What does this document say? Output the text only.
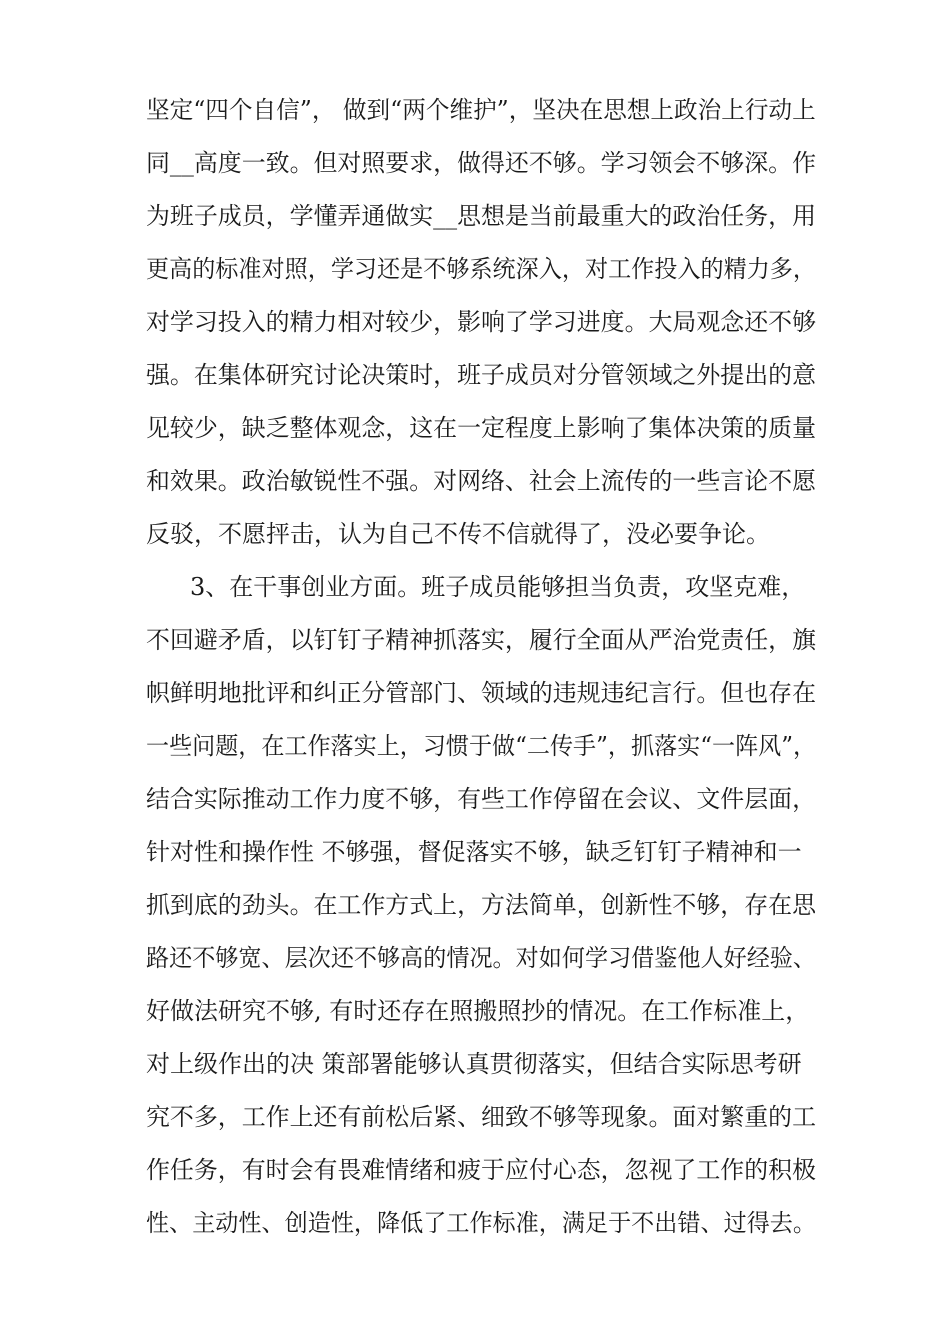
坚定“四个自信”， 做到“两个维护”，坚决在思想上政治上行动上
同__高度一致。但对照要求，做得还不够。学习领会不够深。作
为班子成员，学懂弄通做实__思想是当前最重大的政治任务，用
更高的标准对照，学习还是不够系统深入，对工作投入的精力多，
对学习投入的精力相对较少，影响了学习进度。大局观念还不够
强。在集体研究讨论决策时，班子成员对分管领域之外提出的意
见较少，缺乏整体观念，这在一定程度上影响了集体决策的质量
和效果。政治敏锐性不强。对网络、社会上流传的一些言论不愿
反驳，不愿抨击，认为自己不传不信就得了，没必要争论。
3、在干事创业方面。班子成员能够担当负责，攻坚克难，
不回避矛盾，以钉钉子精神抓落实，履行全面从严治党责任，旗
帜鲜明地批评和纠正分管部门、领域的违规违纪言行。但也存在
一些问题，在工作落实上，习惯于做“二传手”，抓落实“一阵风”，
结合实际推动工作力度不够，有些工作停留在会议、文件层面，
针对性和操作性 不够强，督促落实不够，缺乏钉钉子精神和一
抓到底的劲头。在工作方式上，方法简单，创新性不够，存在思
路还不够宽、层次还不够高的情况。对如何学习借鉴他人好经验、
好做法研究不够, 有时还存在照搬照抄的情况。在工作标准上，
对上级作出的决 策部署能够认真贯彻落实，但结合实际思考研
究不多，工作上还有前松后紧、细致不够等现象。面对繁重的工
作任务，有时会有畏难情绪和疲于应付心态，忽视了工作的积极
性、主动性、创造性，降低了工作标准，满足于不出错、过得去。
